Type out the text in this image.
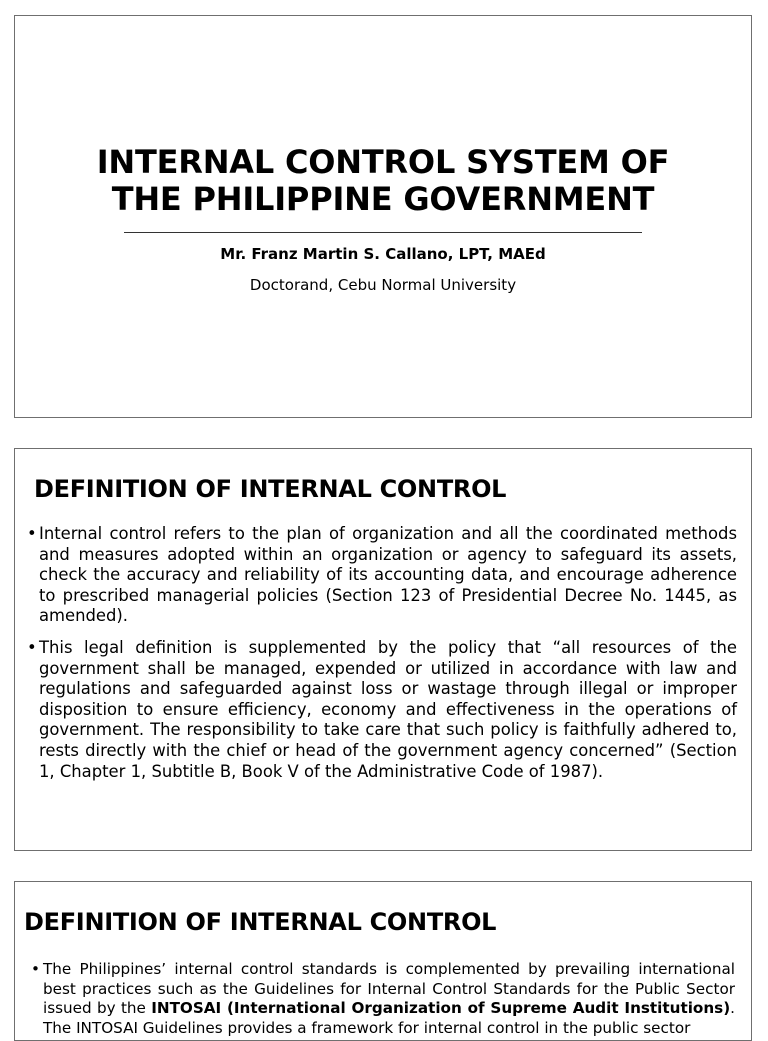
INTERNAL CONTROL SYSTEM OF
THE PHILIPPINE GOVERNMENT

Mr. Franz Martin S. Callano, LPT, MAEd
Doctorand, Cebu Normal University
DEFINITION OF INTERNAL CONTROL
• Internal control refers to the plan of organization and all the coordinated methods and measures adopted within an organization or agency to safeguard its assets, check the accuracy and reliability of its accounting data, and encourage adherence to prescribed managerial policies (Section 123 of Presidential Decree No. 1445, as amended).
• This legal definition is supplemented by the policy that “all resources of the government shall be managed, expended or utilized in accordance with law and regulations and safeguarded against loss or wastage through illegal or improper disposition to ensure efficiency, economy and effectiveness in the operations of government. The responsibility to take care that such policy is faithfully adhered to, rests directly with the chief or head of the government agency concerned” (Section 1, Chapter 1, Subtitle B, Book V of the Administrative Code of 1987).
DEFINITION OF INTERNAL CONTROL
• The Philippines’ internal control standards is complemented by prevailing international best practices such as the Guidelines for Internal Control Standards for the Public Sector issued by the INTOSAI (International Organization of Supreme Audit Institutions). The INTOSAI Guidelines provides a framework for internal control in the public sector
